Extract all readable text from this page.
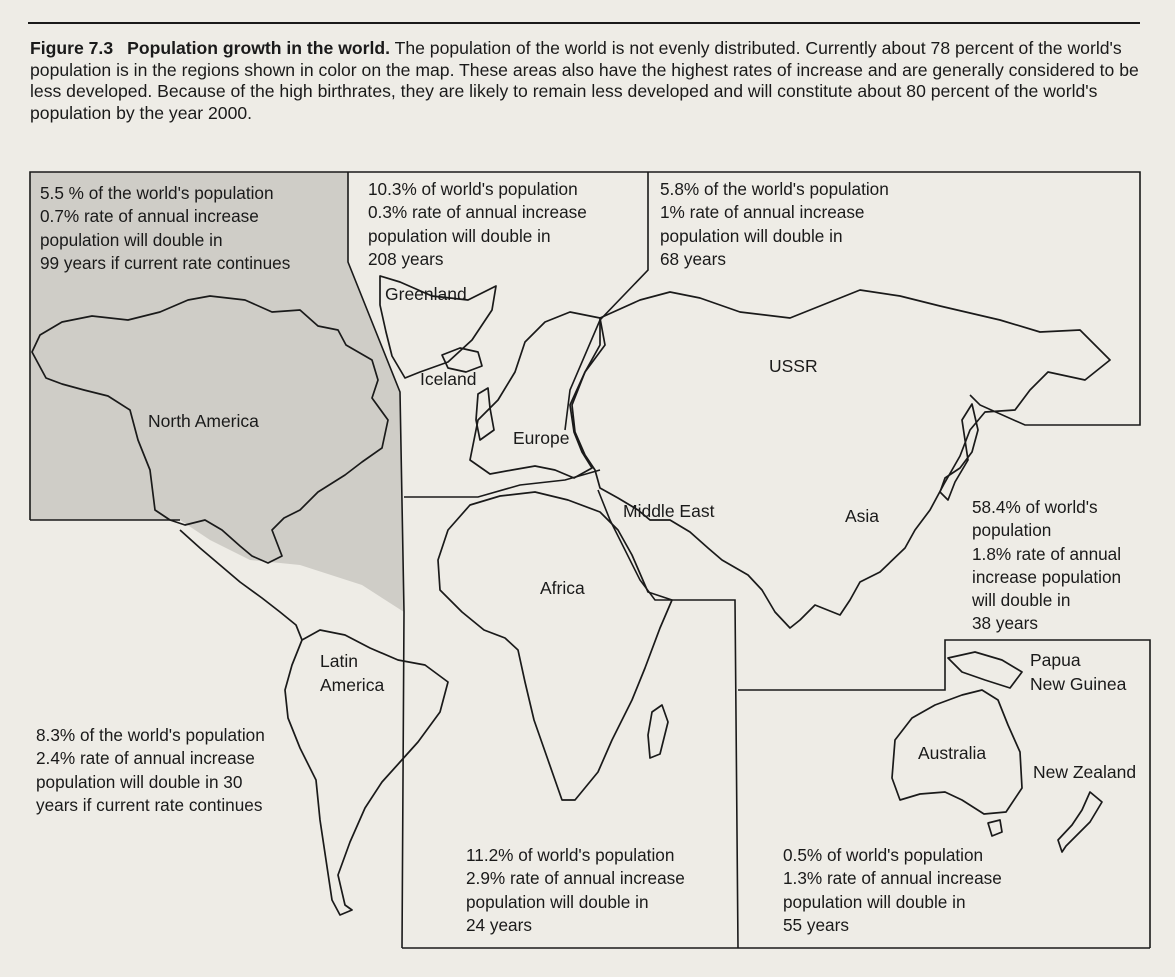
Figure 7.3 Population growth in the world. The population of the world is not evenly distributed. Currently about 78 percent of the world's population is in the regions shown in color on the map. These areas also have the highest rates of increase and are generally considered to be less developed. Because of the high birthrates, they are likely to remain less developed and will constitute about 80 percent of the world's population by the year 2000.
5.5 % of the world's population
0.7% rate of annual increase
population will double in
99 years if current rate continues
10.3% of world's population
0.3% rate of annual increase
population will double in
208 years
5.8% of the world's population
1% rate of annual increase
population will double in
68 years
58.4% of world's
population
1.8% rate of annual
increase population
will double in
38 years
8.3% of the world's population
2.4% rate of annual increase
population will double in 30
years if current rate continues
11.2% of world's population
2.9% rate of annual increase
population will double in
24 years
0.5% of world's population
1.3% rate of annual increase
population will double in
55 years
North America
Greenland
Iceland
Europe
USSR
Middle East	Asia
Africa
Latin
America
Papua
New Guinea
Australia
New Zealand
